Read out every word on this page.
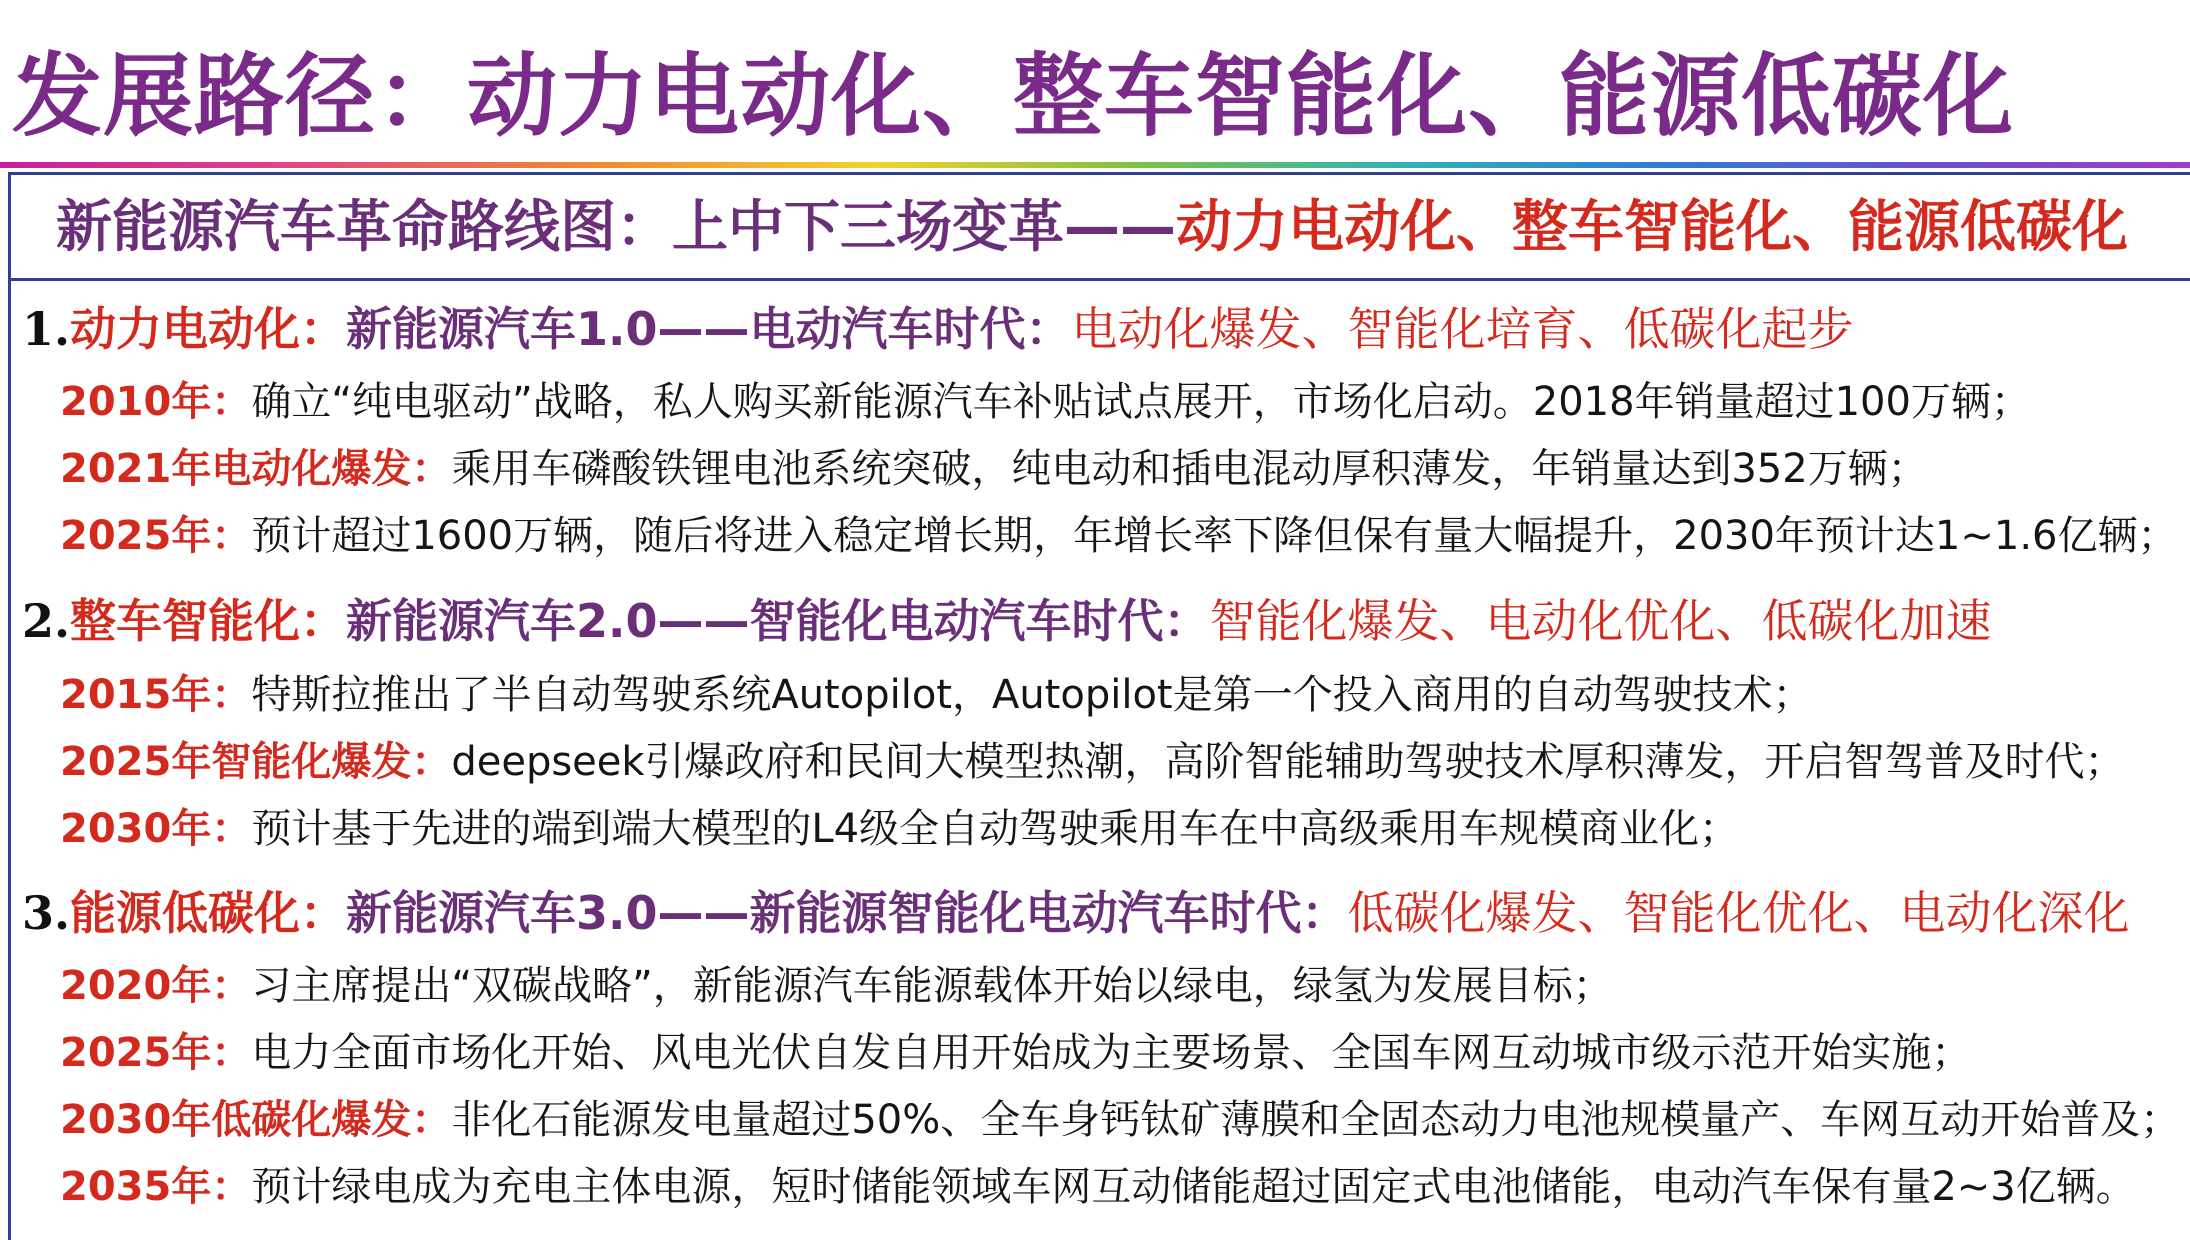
发展路径：动力电动化、整车智能化、能源低碳化
新能源汽车革命路线图：上中下三场变革——动力电动化、整车智能化、能源低碳化
1.动力电动化：新能源汽车1.0——电动汽车时代：电动化爆发、智能化培育、低碳化起步
2010年：确立“纯电驱动”战略，私人购买新能源汽车补贴试点展开，市场化启动。2018年销量超过100万辆；
2021年电动化爆发：乘用车磷酸铁锂电池系统突破，纯电动和插电混动厚积薄发，年销量达到352万辆；
2025年：预计超过1600万辆，随后将进入稳定增长期，年增长率下降但保有量大幅提升，2030年预计达1~1.6亿辆；
2.整车智能化：新能源汽车2.0——智能化电动汽车时代：智能化爆发、电动化优化、低碳化加速
2015年：特斯拉推出了半自动驾驶系统Autopilot，Autopilot是第一个投入商用的自动驾驶技术；
2025年智能化爆发：deepseek引爆政府和民间大模型热潮，高阶智能辅助驾驶技术厚积薄发，开启智驾普及时代；
2030年：预计基于先进的端到端大模型的L4级全自动驾驶乘用车在中高级乘用车规模商业化；
3.能源低碳化：新能源汽车3.0——新能源智能化电动汽车时代：低碳化爆发、智能化优化、电动化深化
2020年：习主席提出“双碳战略”，新能源汽车能源载体开始以绿电，绿氢为发展目标；
2025年：电力全面市场化开始、风电光伏自发自用开始成为主要场景、全国车网互动城市级示范开始实施；
2030年低碳化爆发：非化石能源发电量超过50%、全车身钙钛矿薄膜和全固态动力电池规模量产、车网互动开始普及；
2035年：预计绿电成为充电主体电源，短时储能领域车网互动储能超过固定式电池储能，电动汽车保有量2~3亿辆。
